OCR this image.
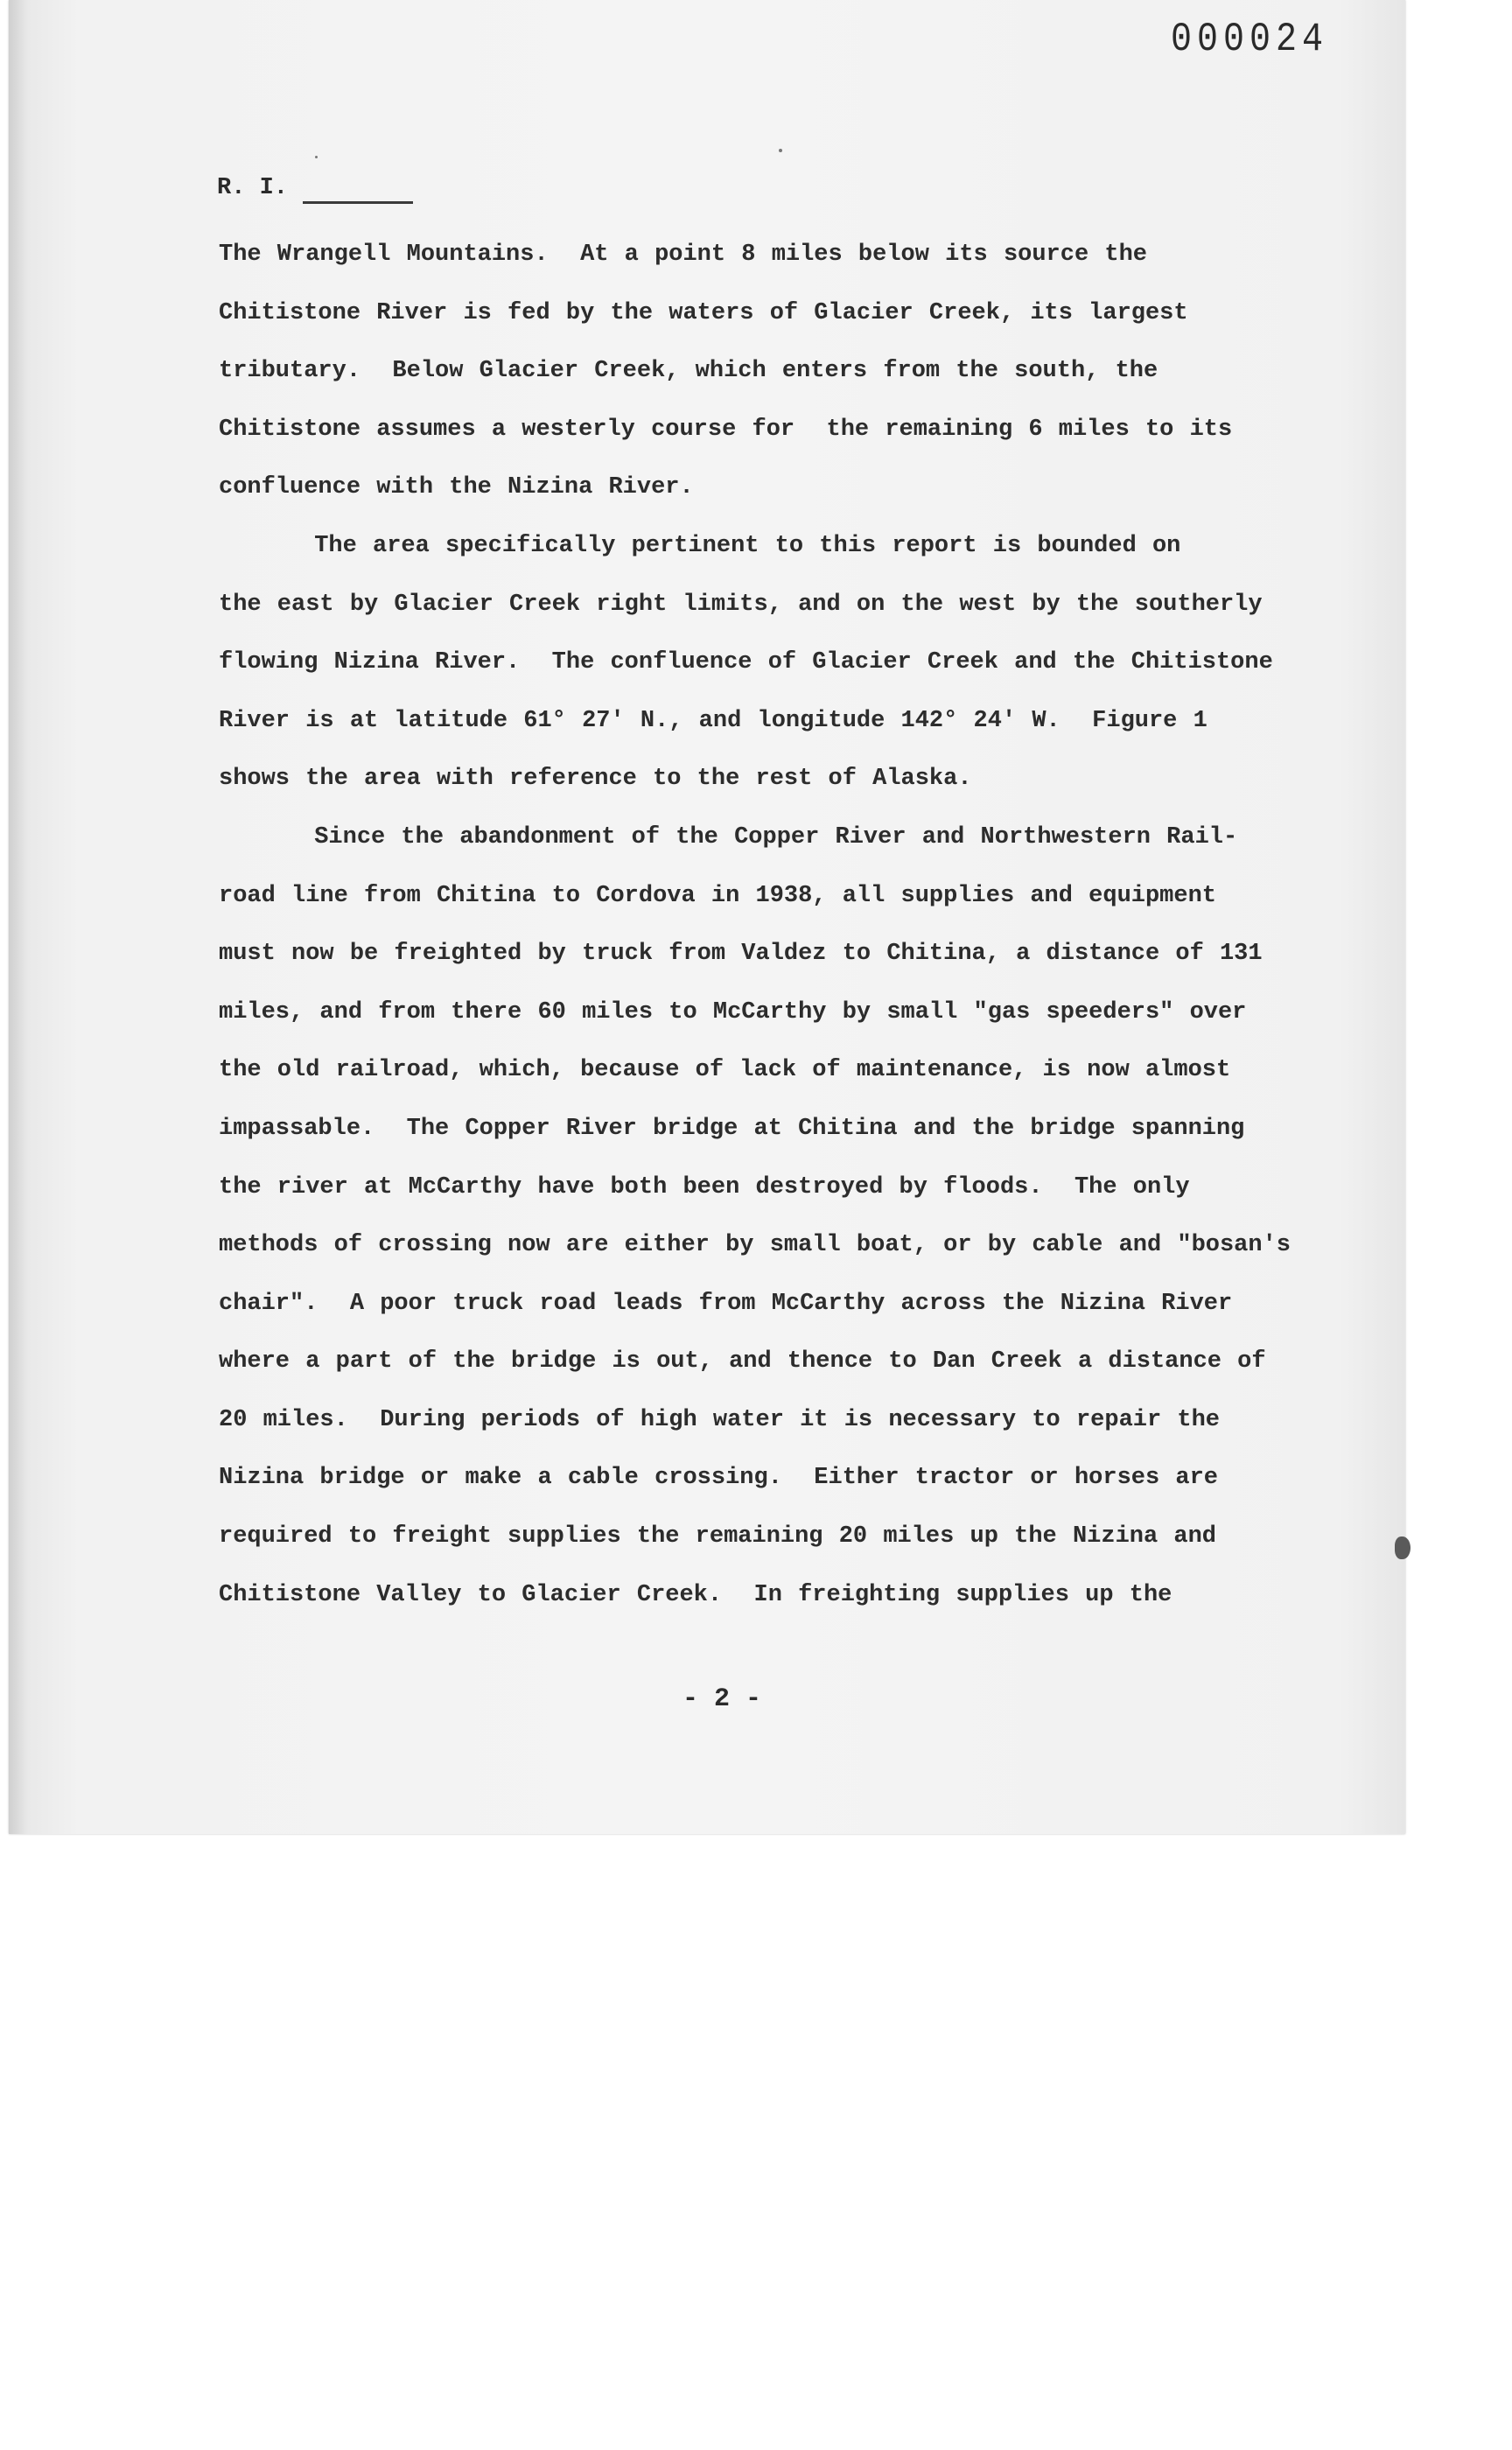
000024
R. I.
The Wrangell Mountains.  At a point 8 miles below its source the
Chitistone River is fed by the waters of Glacier Creek, its largest
tributary.  Below Glacier Creek, which enters from the south, the
Chitistone assumes a westerly course for  the remaining 6 miles to its
confluence with the Nizina River.
The area specifically pertinent to this report is bounded on
the east by Glacier Creek right limits, and on the west by the southerly
flowing Nizina River.  The confluence of Glacier Creek and the Chitistone
River is at latitude 61° 27' N., and longitude 142° 24' W.  Figure 1
shows the area with reference to the rest of Alaska.
Since the abandonment of the Copper River and Northwestern Rail-
road line from Chitina to Cordova in 1938, all supplies and equipment
must now be freighted by truck from Valdez to Chitina, a distance of 131
miles, and from there 60 miles to McCarthy by small "gas speeders" over
the old railroad, which, because of lack of maintenance, is now almost
impassable.  The Copper River bridge at Chitina and the bridge spanning
the river at McCarthy have both been destroyed by floods.  The only
methods of crossing now are either by small boat, or by cable and "bosan's
chair".  A poor truck road leads from McCarthy across the Nizina River
where a part of the bridge is out, and thence to Dan Creek a distance of
20 miles.  During periods of high water it is necessary to repair the
Nizina bridge or make a cable crossing.  Either tractor or horses are
required to freight supplies the remaining 20 miles up the Nizina and
Chitistone Valley to Glacier Creek.  In freighting supplies up the
- 2 -
